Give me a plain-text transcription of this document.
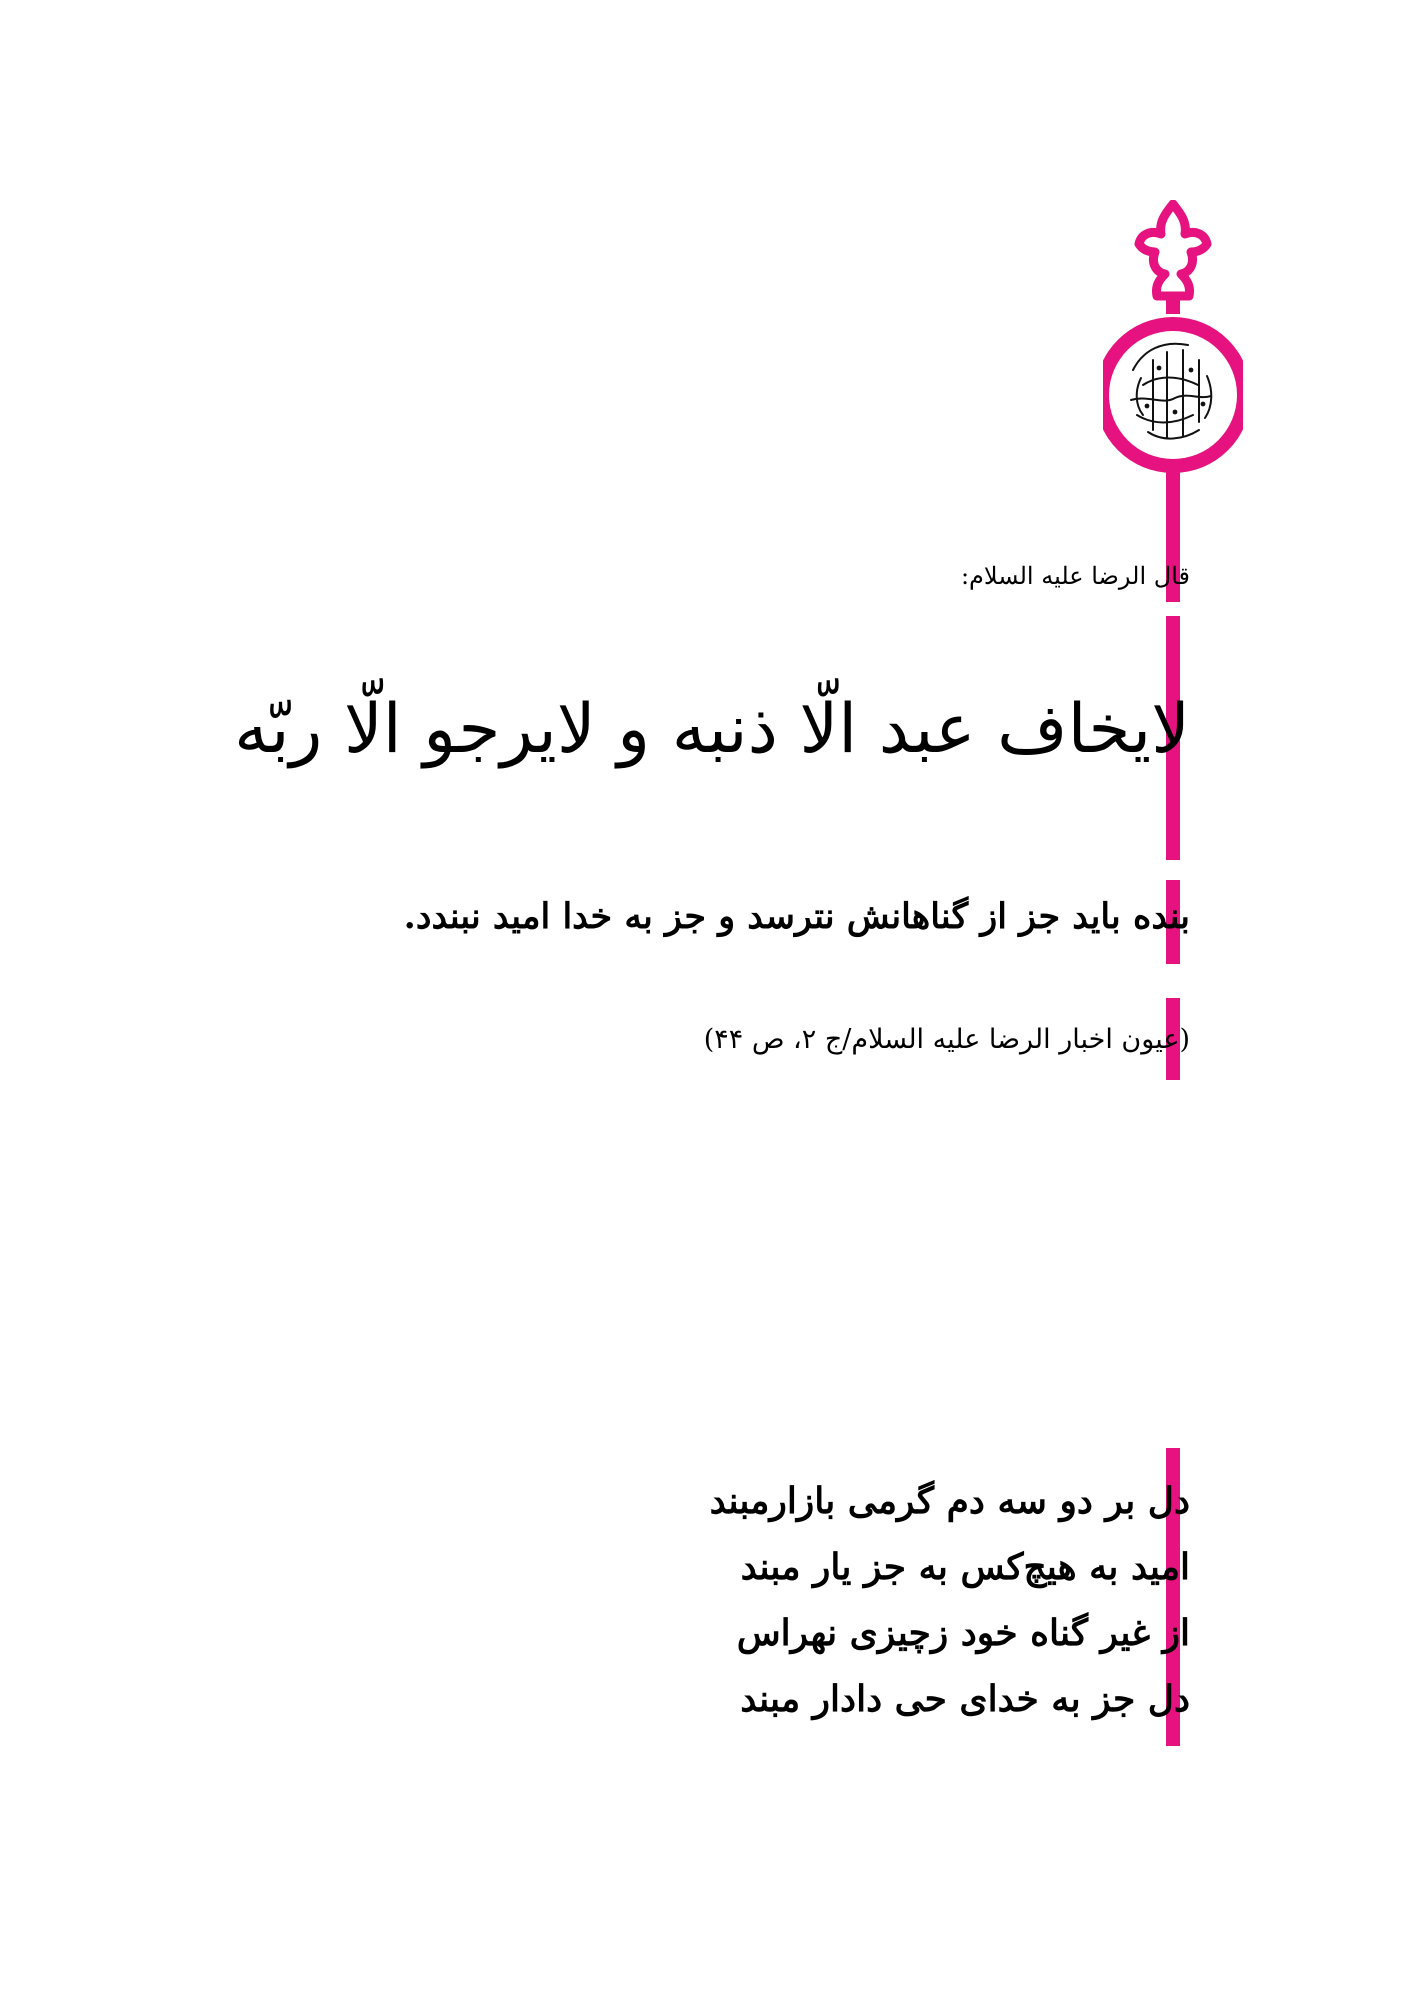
قال الرضا علیه السلام:
لایخاف عبد الّا ذنبه و لایرجو الّا ربّه
بنده باید جز از گناهانش نترسد و جز به خدا امید نبندد.
(عیون اخبار الرضا علیه السلام/ج ۲، ص ۴۴)
دل بر دو سه دم گرمی بازارمبند
امید به هیچ‌کس به جز یار مبند
از غیر گناه خود زچیزی نهراس
دل جز به خدای حی دادار مبند
